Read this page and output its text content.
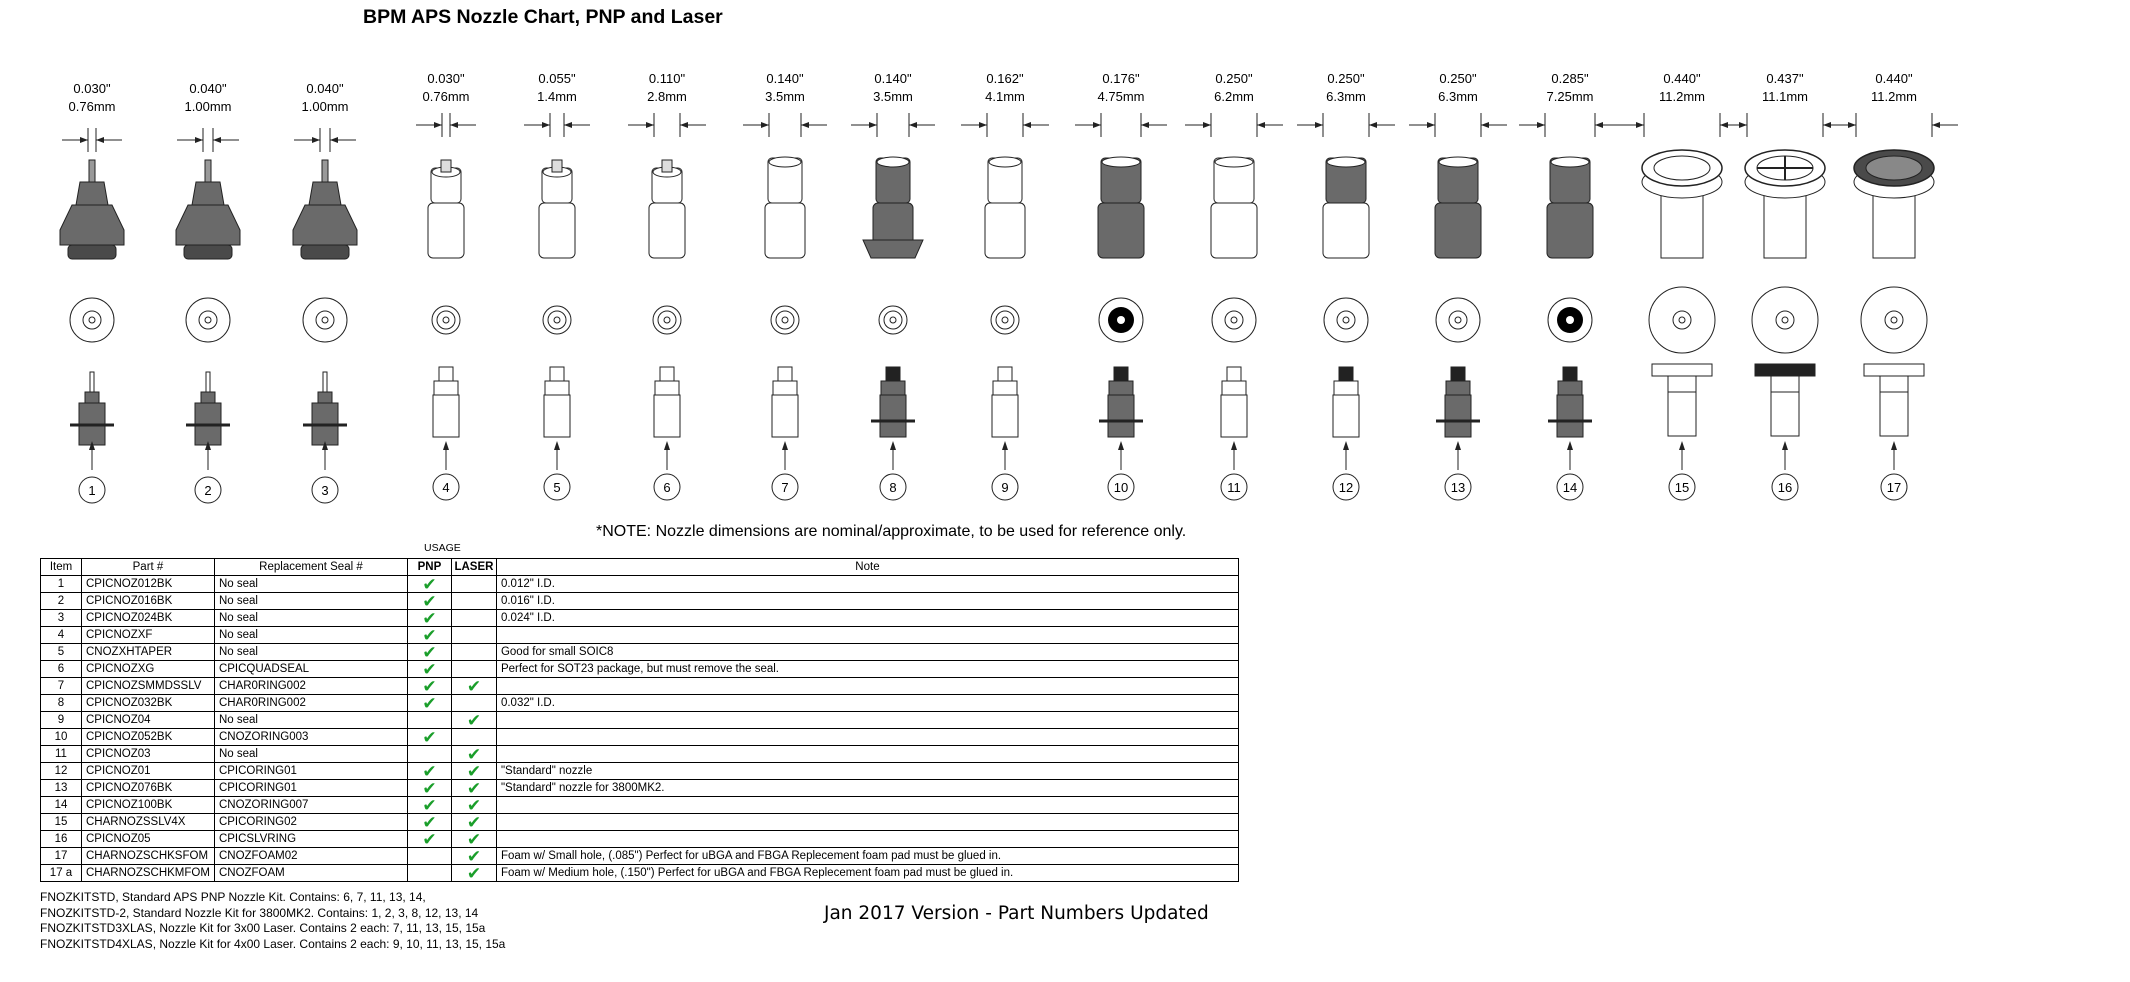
BPM APS Nozzle Chart, PNP and Laser
0.030"
0.76mm
1
0.040"
1.00mm
2
0.040"
1.00mm
3
0.030"
0.76mm
4
0.055"
1.4mm
5
0.110"
2.8mm
6
0.140"
3.5mm
7
0.140"
3.5mm
8
0.162"
4.1mm
9
0.176"
4.75mm
10
0.250"
6.2mm
11
0.250"
6.3mm
12
0.250"
6.3mm
13
0.285"
7.25mm
14
0.440"
11.2mm
15
0.437"
11.1mm
16
0.440"
11.2mm
17
*NOTE: Nozzle dimensions are nominal/approximate, to be used for reference only.
USAGE
Item	Part #	Replacement Seal #	PNP	LASER	Note
1	CPICNOZ012BK	No seal	✔		0.012" I.D.
2	CPICNOZ016BK	No seal	✔		0.016" I.D.
3	CPICNOZ024BK	No seal	✔		0.024" I.D.
4	CPICNOZXF	No seal	✔		
5	CNOZXHTAPER	No seal	✔		Good for small SOIC8
6	CPICNOZXG	CPICQUADSEAL	✔		Perfect for SOT23 package, but must remove the seal.
7	CPICNOZSMMDSSLV	CHAR0RING002	✔	✔	
8	CPICNOZ032BK	CHAR0RING002	✔		0.032" I.D.
9	CPICNOZ04	No seal		✔	
10	CPICNOZ052BK	CNOZORING003	✔		
11	CPICNOZ03	No seal		✔	
12	CPICNOZ01	CPICORING01	✔	✔	"Standard" nozzle
13	CPICNOZ076BK	CPICORING01	✔	✔	"Standard" nozzle for 3800MK2.
14	CPICNOZ100BK	CNOZORING007	✔	✔	
15	CHARNOZSSLV4X	CPICORING02	✔	✔	
16	CPICNOZ05	CPICSLVRING	✔	✔	
17	CHARNOZSCHKSFOM	CNOZFOAM02		✔	Foam w/ Small hole, (.085") Perfect for uBGA and FBGA Replecement foam pad must be glued in.
17 a	CHARNOZSCHKMFOM	CNOZFOAM		✔	Foam w/ Medium hole, (.150") Perfect for uBGA and FBGA Replecement foam pad must be glued in.
FNOZKITSTD, Standard APS PNP Nozzle Kit. Contains: 6, 7, 11, 13, 14,
FNOZKITSTD-2, Standard Nozzle Kit for 3800MK2. Contains: 1, 2, 3, 8, 12, 13, 14
FNOZKITSTD3XLAS, Nozzle Kit for 3x00 Laser. Contains 2 each: 7, 11, 13, 15, 15a
FNOZKITSTD4XLAS, Nozzle Kit for 4x00 Laser. Contains 2 each: 9, 10, 11, 13, 15, 15a
Jan 2017 Version - Part Numbers Updated
